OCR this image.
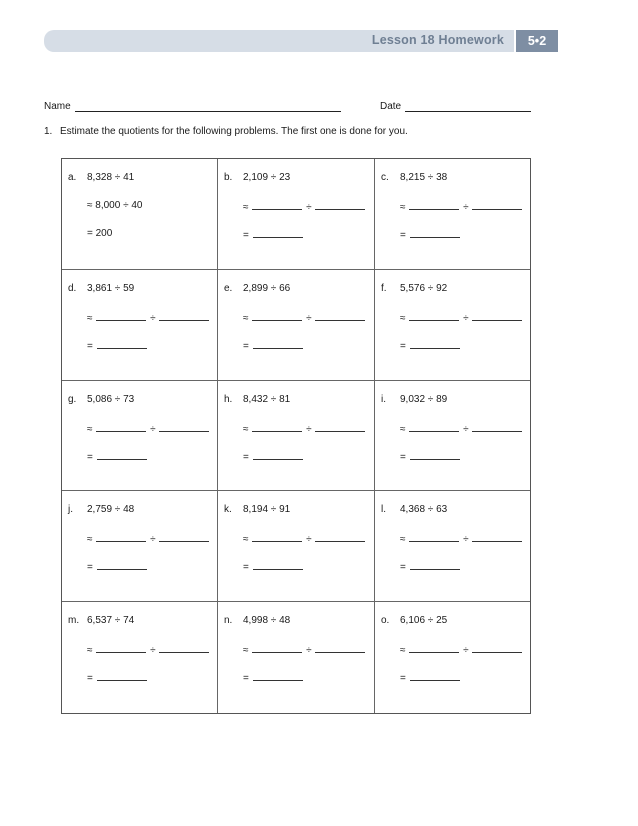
Lesson 18 Homework	5•2
Name	Date
1. Estimate the quotients for the following problems. The first one is done for you.
a. 8,328 ÷ 41
≈ 8,000 ÷ 40
= 200
b. 2,109 ÷ 23
≈	÷
=
c. 8,215 ÷ 38
≈	÷
=
d. 3,861 ÷ 59
≈	÷
=
e. 2,899 ÷ 66
≈	÷
=
f. 5,576 ÷ 92
≈	÷
=
g. 5,086 ÷ 73
≈	÷
=
h. 8,432 ÷ 81
≈	÷
=
i. 9,032 ÷ 89
≈	÷
=
j. 2,759 ÷ 48
≈	÷
=
k. 8,194 ÷ 91
≈	÷
=
l. 4,368 ÷ 63
≈	÷
=
m. 6,537 ÷ 74
≈	÷
=
n. 4,998 ÷ 48
≈	÷
=
o. 6,106 ÷ 25
≈	÷
=
